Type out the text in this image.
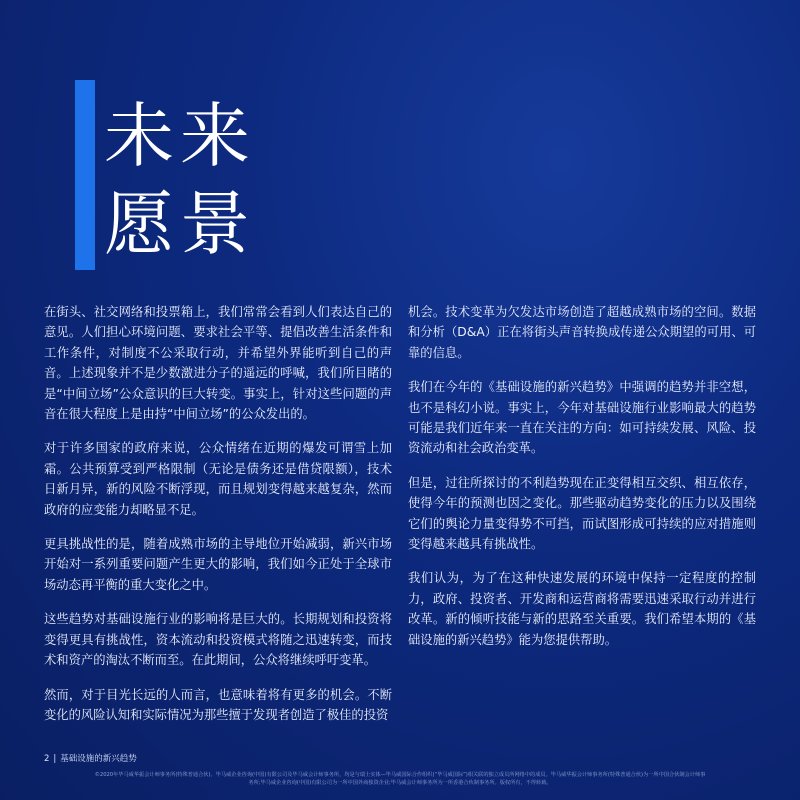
未来
愿景

在街头、社交网络和投票箱上，我们常常会看到人们表达自己的意见。人们担心环境问题、要求社会平等、提倡改善生活条件和工作条件，对制度不公采取行动，并希望外界能听到自己的声音。上述现象并不是少数激进分子的遥远的呼喊，我们所目睹的是“中间立场”公众意识的巨大转变。事实上，针对这些问题的声音在很大程度上是由持“中间立场”的公众发出的。

对于许多国家的政府来说，公众情绪在近期的爆发可谓雪上加霜。公共预算受到严格限制（无论是债务还是借贷限额），技术日新月异，新的风险不断浮现，而且规划变得越来越复杂，然而政府的应变能力却略显不足。

更具挑战性的是，随着成熟市场的主导地位开始减弱，新兴市场开始对一系列重要问题产生更大的影响，我们如今正处于全球市场动态再平衡的重大变化之中。

这些趋势对基础设施行业的影响将是巨大的。长期规划和投资将变得更具有挑战性，资本流动和投资模式将随之迅速转变，而技术和资产的淘汰不断而至。在此期间，公众将继续呼吁变革。

然而，对于目光长远的人而言，也意味着将有更多的机会。不断变化的风险认知和实际情况为那些擅于发现者创造了极佳的投资

机会。技术变革为欠发达市场创造了超越成熟市场的空间。数据和分析（D&A）正在将街头声音转换成传递公众期望的可用、可靠的信息。

我们在今年的《基础设施的新兴趋势》中强调的趋势并非空想，也不是科幻小说。事实上，今年对基础设施行业影响最大的趋势可能是我们近年来一直在关注的方向：如可持续发展、风险、投资流动和社会政治变革。

但是，过往所探讨的不利趋势现在正变得相互交织、相互依存，使得今年的预测也因之变化。那些驱动趋势变化的压力以及围绕它们的舆论力量变得势不可挡，而试图形成可持续的应对措施则变得越来越具有挑战性。

我们认为，为了在这种快速发展的环境中保持一定程度的控制力，政府、投资者、开发商和运营商将需要迅速采取行动并进行改革。新的倾听技能与新的思路至关重要。我们希望本期的《基础设施的新兴趋势》能为您提供帮助。

2 | 基础设施的新兴趋势
©2020年毕马威华振会计师事务所(特殊普通合伙)、毕马威企业咨询(中国)有限公司及毕马威会计师事务所，均是与瑞士实体—毕马威国际合作组织(“毕马威国际”)相关联的独立成员所网络中的成员。毕马威华振会计师事务所(特殊普通合伙)为一所中国合伙制会计师事
务所;毕马威企业咨询(中国)有限公司为一所中国外商独资企业;毕马威会计师事务所为一所香港合伙制事务所。版权所有，不得转载。
